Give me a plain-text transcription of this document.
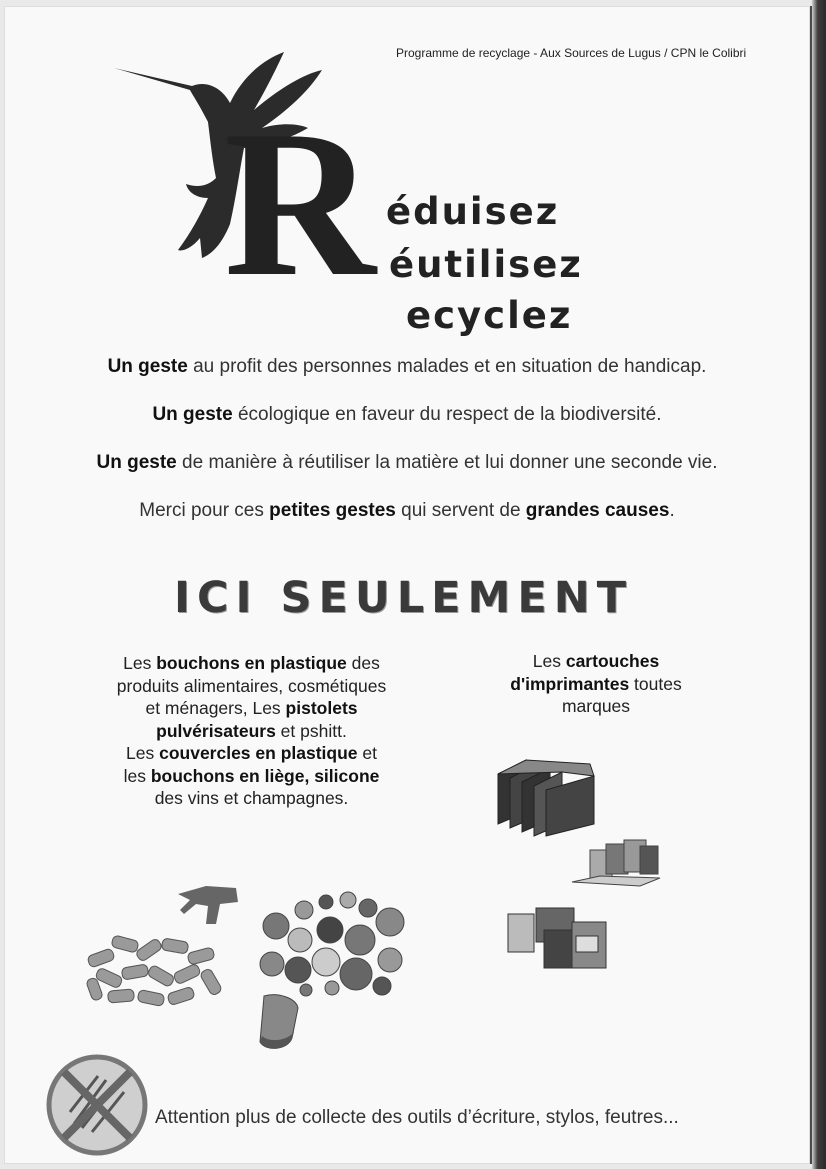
Programme de recyclage - Aux Sources de Lugus / CPN le Colibri
R éduisez
éutilisez
ecyclez
Un geste au profit des personnes malades et en situation de handicap.
Un geste écologique en faveur du respect de la biodiversité.
Un geste de manière à réutiliser la matière et lui donner une seconde vie.
Merci pour ces petites gestes qui servent de grandes causes.
ICI SEULEMENT
Les bouchons en plastique des produits alimentaires, cosmétiques et ménagers, Les pistolets pulvérisateurs et pshitt.
Les couvercles en plastique et les bouchons en liège, silicone des vins et champagnes.
Les cartouches d'imprimantes toutes marques
Attention plus de collecte des outils d’écriture, stylos, feutres...
